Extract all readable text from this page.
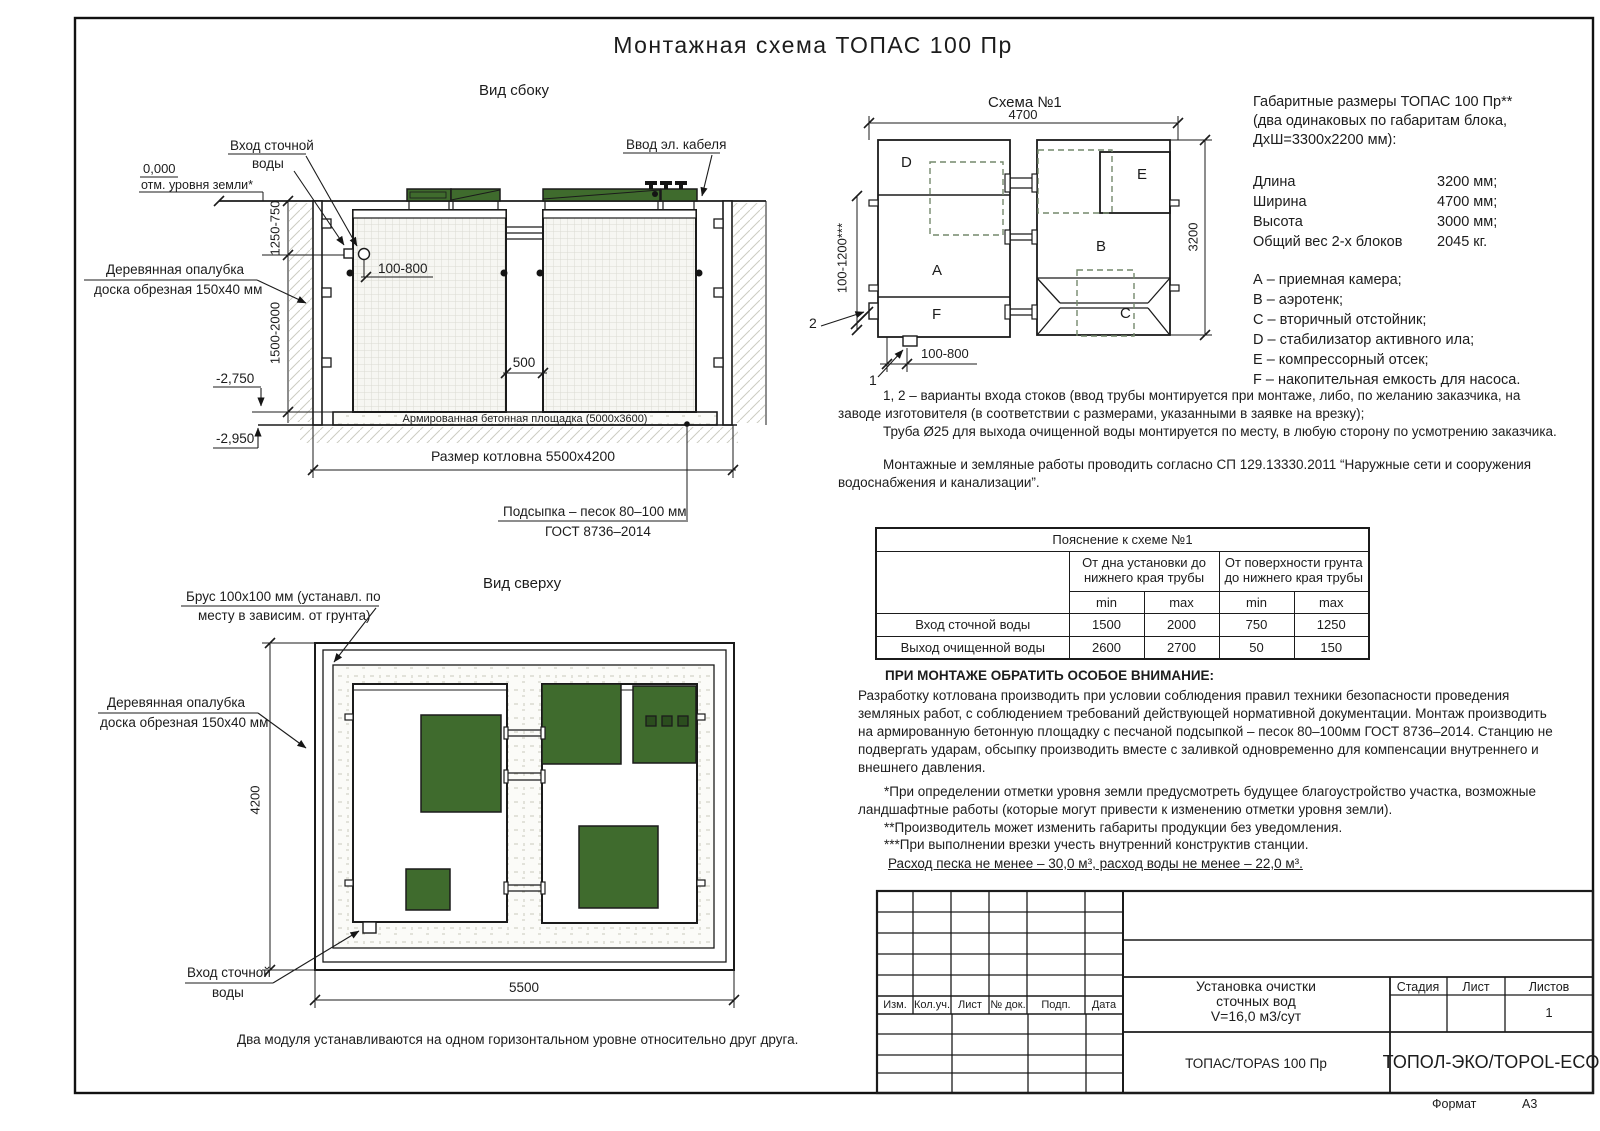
Монтажная схема ТОПАС 100 Пр
Вид сбоку
0,000
отм. уровня земли*
Вход сточной
воды
Ввод эл. кабеля
1250-750
1500-2000
100-800
500
-2,750
-2,950
Деревянная опалубка
доска обрезная 150х40 мм
Армированная бетонная площадка (5000х3600)
Размер котловна 5500х4200
Подсыпка – песок 80–100 мм
ГОСТ 8736–2014
Схема №1
4700
3200
100-1200***
100-800
2
1
D
A
F
E
B
C
Габаритные размеры ТОПАС 100 Пр**
(два одинаковых по габаритам блока,
ДхШ=3300х2200 мм):
Длина	3200 мм;
Ширина	4700 мм;
Высота	3000 мм;
Общий вес 2-х блоков 2045 кг.
А – приемная камера;
В – аэротенк;
С – вторичный отстойник;
D – стабилизатор активного ила;
Е – компрессорный отсек;
F – накопительная емкость для насоса.
1, 2 – варианты входа стоков (ввод трубы монтируется при монтаже, либо, по желанию заказчика, на заводе изготовителя (в соответствии с размерами, указанными в заявке на врезку);
Труба Ø25 для выхода очищенной воды монтируется по месту, в любую сторону по усмотрению заказчика.
Монтажные и земляные работы проводить согласно СП 129.13330.2011 “Наружные сети и сооружения водоснабжения и канализации”.
Пояснение к схеме №1				
	От дна установки до нижнего края трубы		От поверхности грунта до нижнего края трубы	
	min	max	min	max
Вход сточной воды	1500	2000	750	1250
Выход очищенной воды	2600	2700	50	150
ПРИ МОНТАЖЕ ОБРАТИТЬ ОСОБОЕ ВНИМАНИЕ:
Разработку котлована производить при условии соблюдения правил техники безопасности проведения земляных работ, с соблюдением требований действующей нормативной документации. Монтаж производить на армированную бетонную площадку с песчаной подсыпкой – песок 80–100мм ГОСТ 8736–2014. Станцию не подвергать ударам, обсыпку производить вместе с заливкой одновременно для компенсации внутреннего и внешнего давления.
*При определении отметки уровня земли предусмотреть будущее благоустройство участка, возможные ландшафтные работы (которые могут привести к изменению отметки уровня земли).
**Производитель может изменить габариты продукции без уведомления.
***При выполнении врезки учесть внутренний конструктив станции.
Расход песка не менее – 30,0 м³, расход воды не менее – 22,0 м³.
Вид сверху
Брус 100х100 мм (устанавл. по
месту в зависим. от грунта)
Деревянная опалубка
доска обрезная 150х40 мм
4200
5500
Вход сточной
воды
Два модуля устанавливаются на одном горизонтальном уровне относительно друг друга.
Изм. Кол.уч. Лист № док. Подп. Дата
Установка очистки
сточных вод
V=16,0 м3/сут
Стадия Лист	Листов
1
ТОПАС/TOPAS 100 Пр	ТОПОЛ-ЭКО/TOPOL-ECO
Формат	А3
